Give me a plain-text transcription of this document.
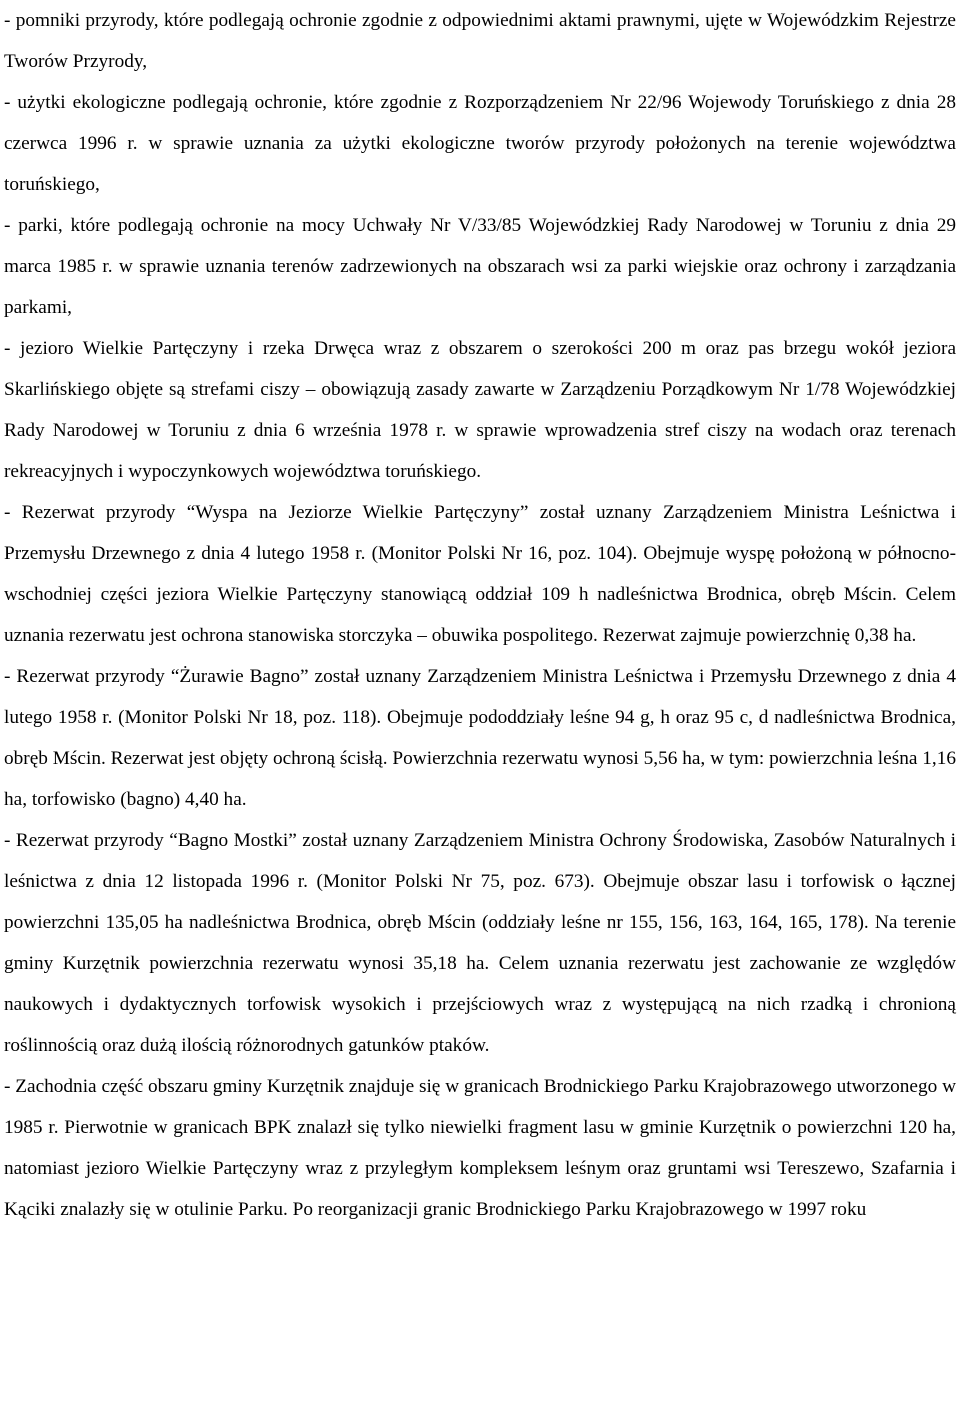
- pomniki przyrody, które podlegają ochronie zgodnie z odpowiednimi aktami prawnymi, ujęte w Wojewódzkim Rejestrze Tworów Przyrody,

- użytki ekologiczne podlegają ochronie, które zgodnie z Rozporządzeniem Nr 22/96 Wojewody Toruńskiego z dnia 28 czerwca 1996 r. w sprawie uznania za użytki ekologiczne tworów przyrody położonych na terenie województwa toruńskiego,

- parki, które podlegają ochronie na mocy Uchwały Nr V/33/85 Wojewódzkiej Rady Narodowej w Toruniu z dnia 29 marca 1985 r. w sprawie uznania terenów zadrzewionych na obszarach wsi za parki wiejskie oraz ochrony i zarządzania parkami,

- jezioro Wielkie Partęczyny i rzeka Drwęca wraz z obszarem o szerokości 200 m oraz pas brzegu wokół jeziora Skarlińskiego objęte są strefami ciszy – obowiązują zasady zawarte w Zarządzeniu Porządkowym Nr 1/78 Wojewódzkiej Rady Narodowej w Toruniu z dnia 6 września 1978 r. w sprawie wprowadzenia stref ciszy na wodach oraz terenach rekreacyjnych i wypoczynkowych województwa toruńskiego.

- Rezerwat przyrody “Wyspa na Jeziorze Wielkie Partęczyny” został uznany Zarządzeniem Ministra Leśnictwa i Przemysłu Drzewnego z dnia 4 lutego 1958 r. (Monitor Polski Nr 16, poz. 104). Obejmuje wyspę położoną w północno-wschodniej części jeziora Wielkie Partęczyny stanowiącą oddział 109 h nadleśnictwa Brodnica, obręb Mścin. Celem uznania rezerwatu jest ochrona stanowiska storczyka – obuwika pospolitego. Rezerwat zajmuje powierzchnię 0,38 ha.

- Rezerwat przyrody “Żurawie Bagno” został uznany Zarządzeniem Ministra Leśnictwa i Przemysłu Drzewnego z dnia 4 lutego 1958 r. (Monitor Polski Nr 18, poz. 118). Obejmuje pododdziały leśne 94 g, h oraz 95 c, d nadleśnictwa Brodnica, obręb Mścin. Rezerwat jest objęty ochroną ścisłą. Powierzchnia rezerwatu wynosi 5,56 ha, w tym: powierzchnia leśna 1,16 ha, torfowisko (bagno) 4,40 ha.

- Rezerwat przyrody “Bagno Mostki” został uznany Zarządzeniem Ministra Ochrony Środowiska, Zasobów Naturalnych i leśnictwa z dnia 12 listopada 1996 r. (Monitor Polski Nr 75, poz. 673). Obejmuje obszar lasu i torfowisk o łącznej powierzchni 135,05 ha nadleśnictwa Brodnica, obręb Mścin (oddziały leśne nr 155, 156, 163, 164, 165, 178). Na terenie gminy Kurzętnik powierzchnia rezerwatu wynosi 35,18 ha. Celem uznania rezerwatu jest zachowanie ze względów naukowych i dydaktycznych torfowisk wysokich i przejściowych wraz z występującą na nich rzadką i chronioną roślinnością oraz dużą ilością różnorodnych gatunków ptaków.

- Zachodnia część obszaru gminy Kurzętnik znajduje się w granicach Brodnickiego Parku Krajobrazowego utworzonego w 1985 r. Pierwotnie w granicach BPK znalazł się tylko niewielki fragment lasu w gminie Kurzętnik o powierzchni 120 ha, natomiast jezioro Wielkie Partęczyny wraz z przyległym kompleksem leśnym oraz gruntami wsi Tereszewo, Szafarnia i Kąciki znalazły się w otulinie Parku. Po reorganizacji granic Brodnickiego Parku Krajobrazowego w 1997 roku
